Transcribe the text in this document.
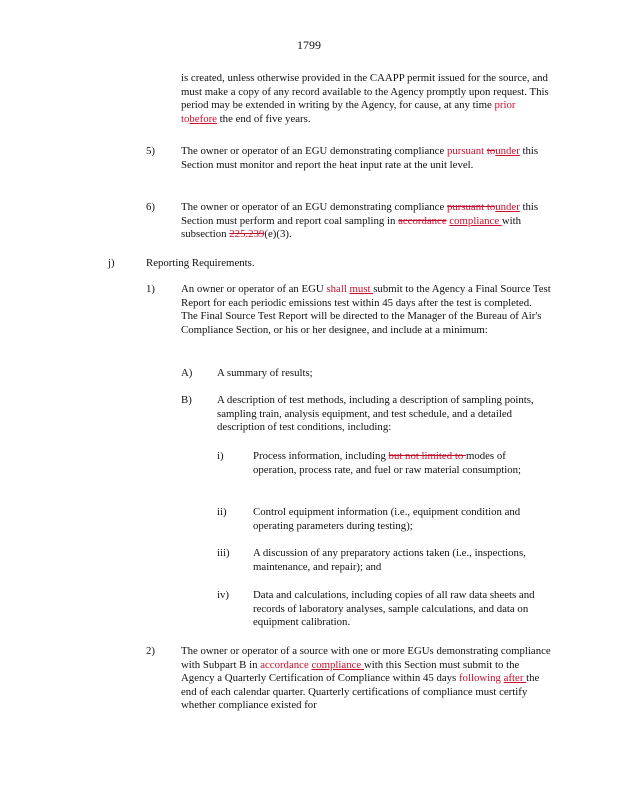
1799
is created, unless otherwise provided in the CAAPP permit issued for the source, and must make a copy of any record available to the Agency promptly upon request. This period may be extended in writing by the Agency, for cause, at any time prior tobefore the end of five years.
5) The owner or operator of an EGU demonstrating compliance pursuant tounder this Section must monitor and report the heat input rate at the unit level.
6) The owner or operator of an EGU demonstrating compliance pursuant tounder this Section must perform and report coal sampling in accordance compliance with subsection 225.239(e)(3).
j)	Reporting Requirements.
1) An owner or operator of an EGU shall must submit to the Agency a Final Source Test Report for each periodic emissions test within 45 days after the test is completed. The Final Source Test Report will be directed to the Manager of the Bureau of Air's Compliance Section, or his or her designee, and include at a minimum:
A) A summary of results;
B) A description of test methods, including a description of sampling points, sampling train, analysis equipment, and test schedule, and a detailed description of test conditions, including:
i)	Process information, including but not limited to modes of operation, process rate, and fuel or raw material consumption;
ii) Control equipment information (i.e., equipment condition and operating parameters during testing);
iii) A discussion of any preparatory actions taken (i.e., inspections, maintenance, and repair); and
iv) Data and calculations, including copies of all raw data sheets and records of laboratory analyses, sample calculations, and data on equipment calibration.
2) The owner or operator of a source with one or more EGUs demonstrating compliance with Subpart B in accordance compliance with this Section must submit to the Agency a Quarterly Certification of Compliance within 45 days following after the end of each calendar quarter. Quarterly certifications of compliance must certify whether compliance existed for
